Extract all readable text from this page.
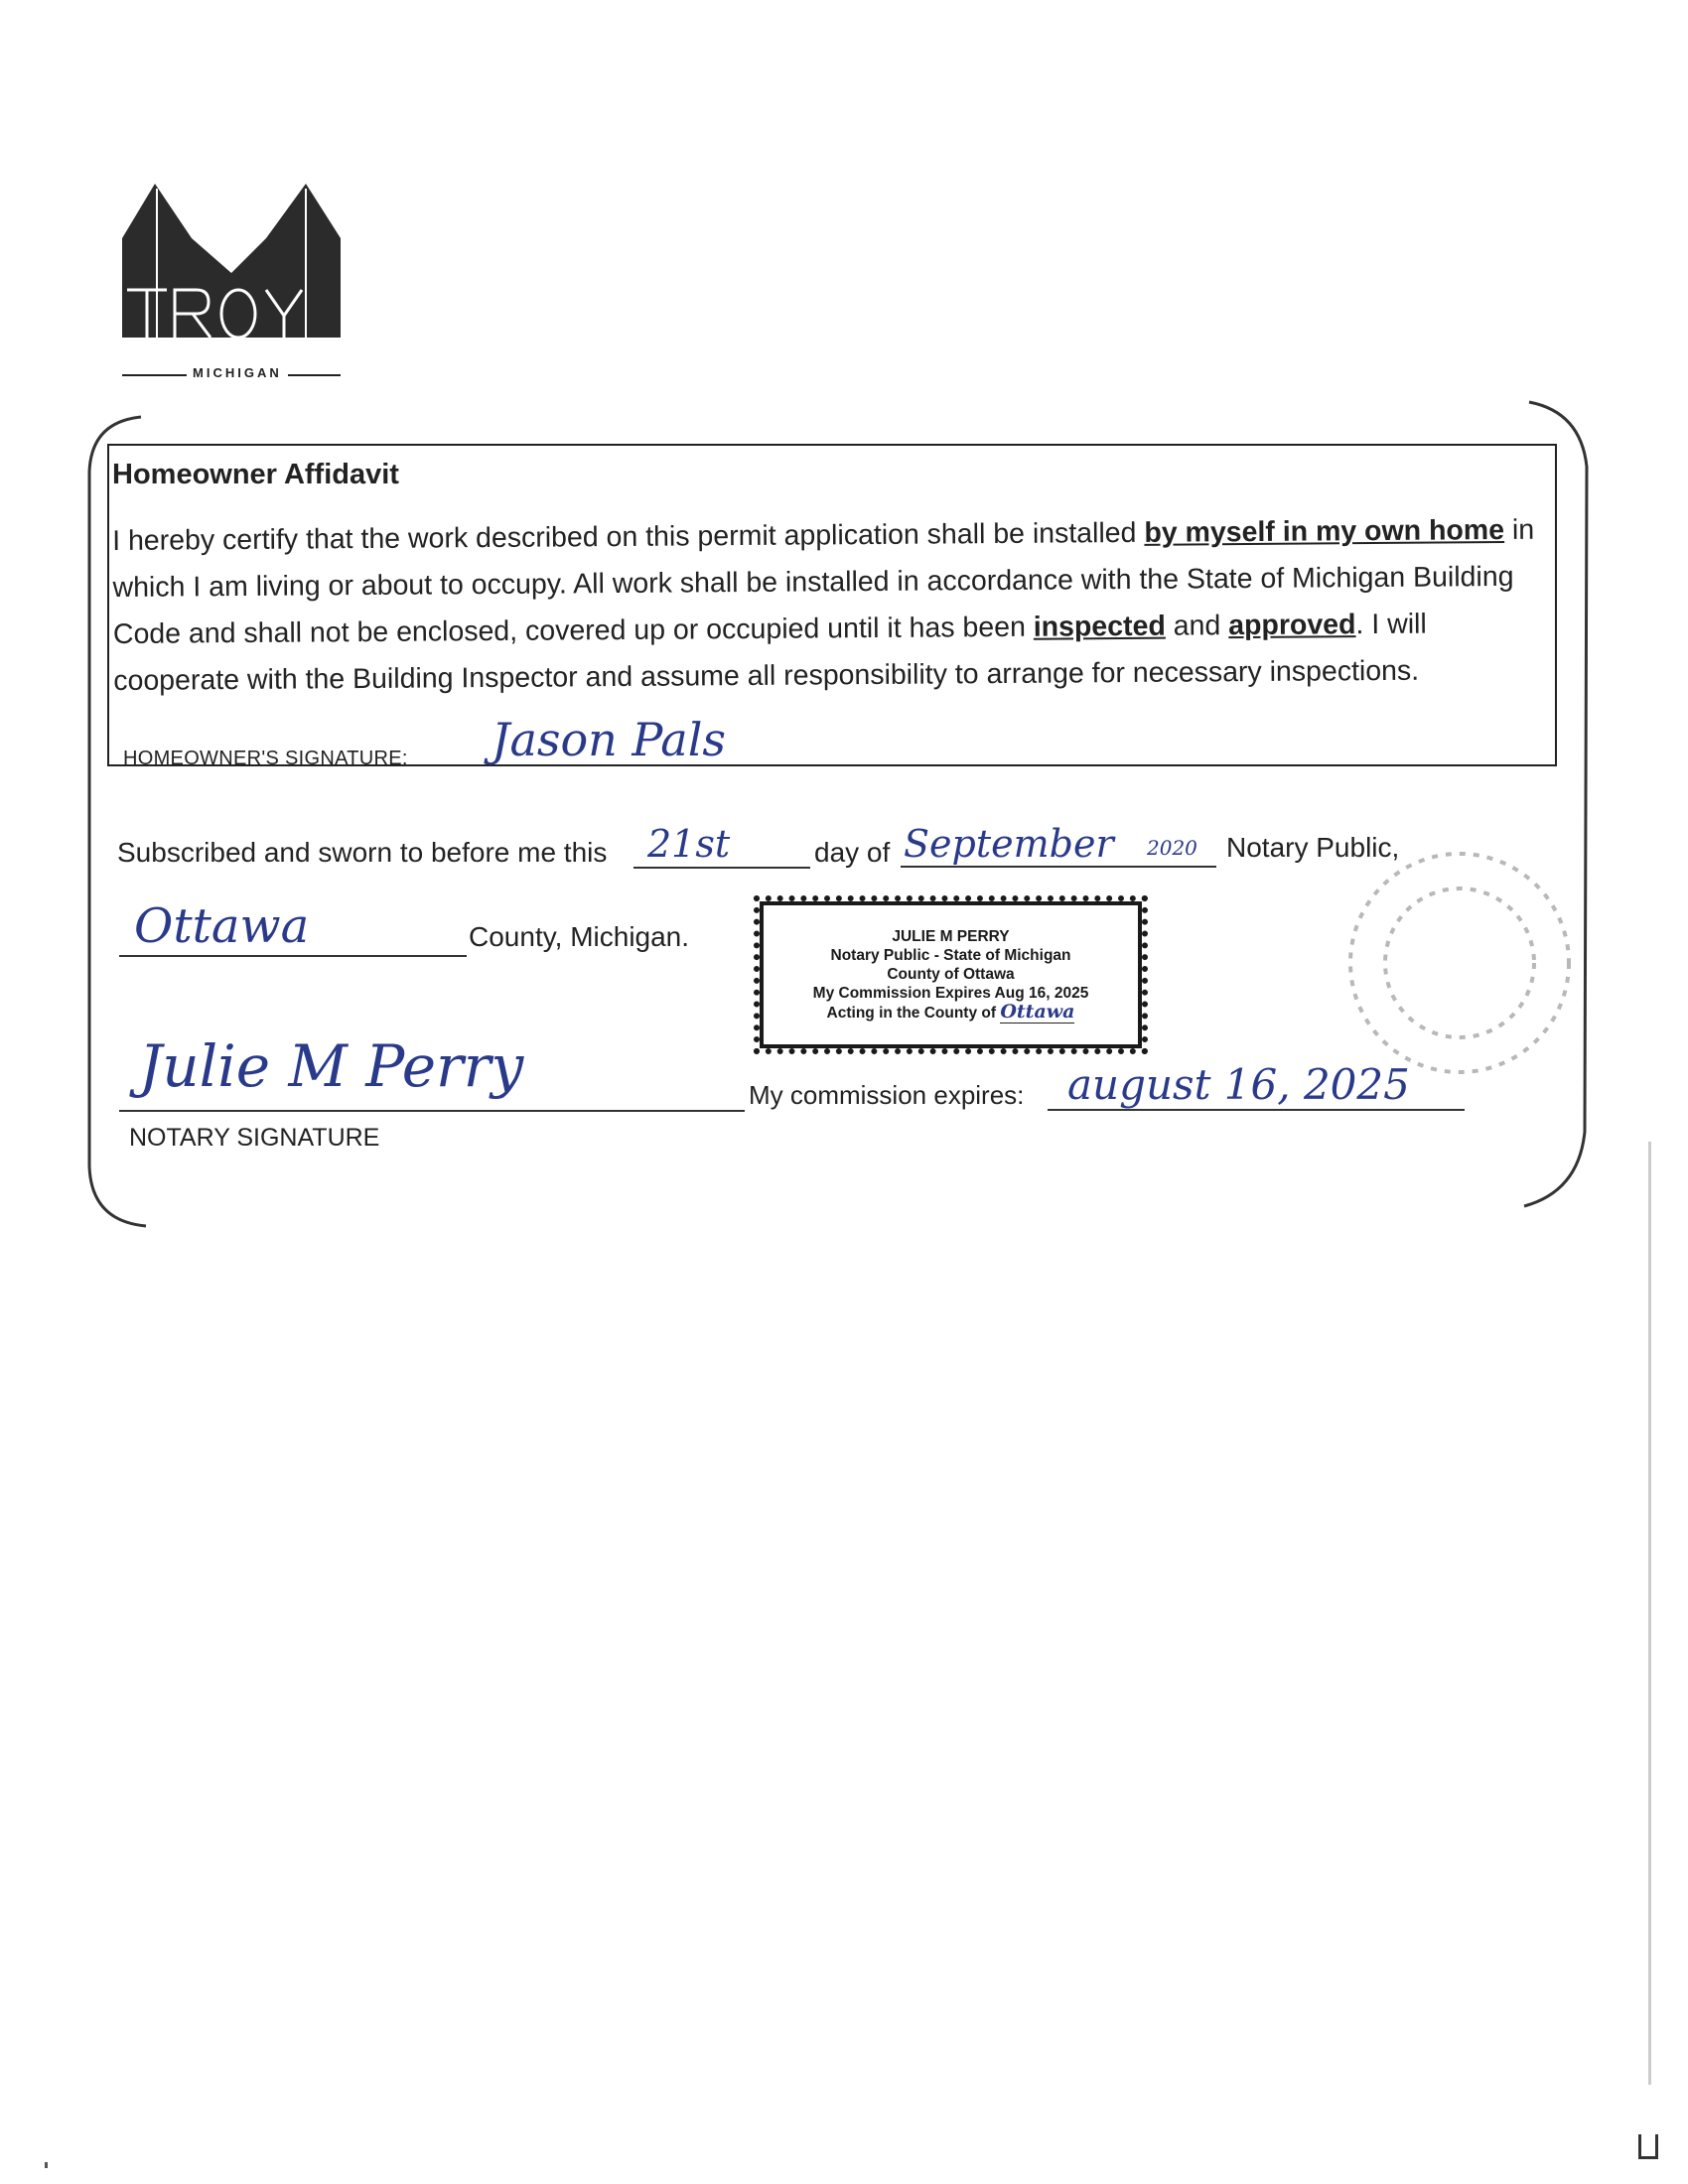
MICHIGAN
Homeowner Affidavit
I hereby certify that the work described on this permit application shall be installed by myself in my own home in which I am living or about to occupy. All work shall be installed in accordance with the State of Michigan Building Code and shall not be enclosed, covered up or occupied until it has been inspected and approved. I will cooperate with the Building Inspector and assume all responsibility to arrange for necessary inspections.
HOMEOWNER'S SIGNATURE: Jason Pals
Subscribed and sworn to before me this 21st	day of September 2020 Notary Public,
Ottawa	County, Michigan.	JULIE M PERRY
Notary Public - State of Michigan
County of Ottawa
My Commission Expires Aug 16, 2025
Acting in the County of Ottawa
Julie M Perry
NOTARY SIGNATURE
My commission expires: august 16, 2025
